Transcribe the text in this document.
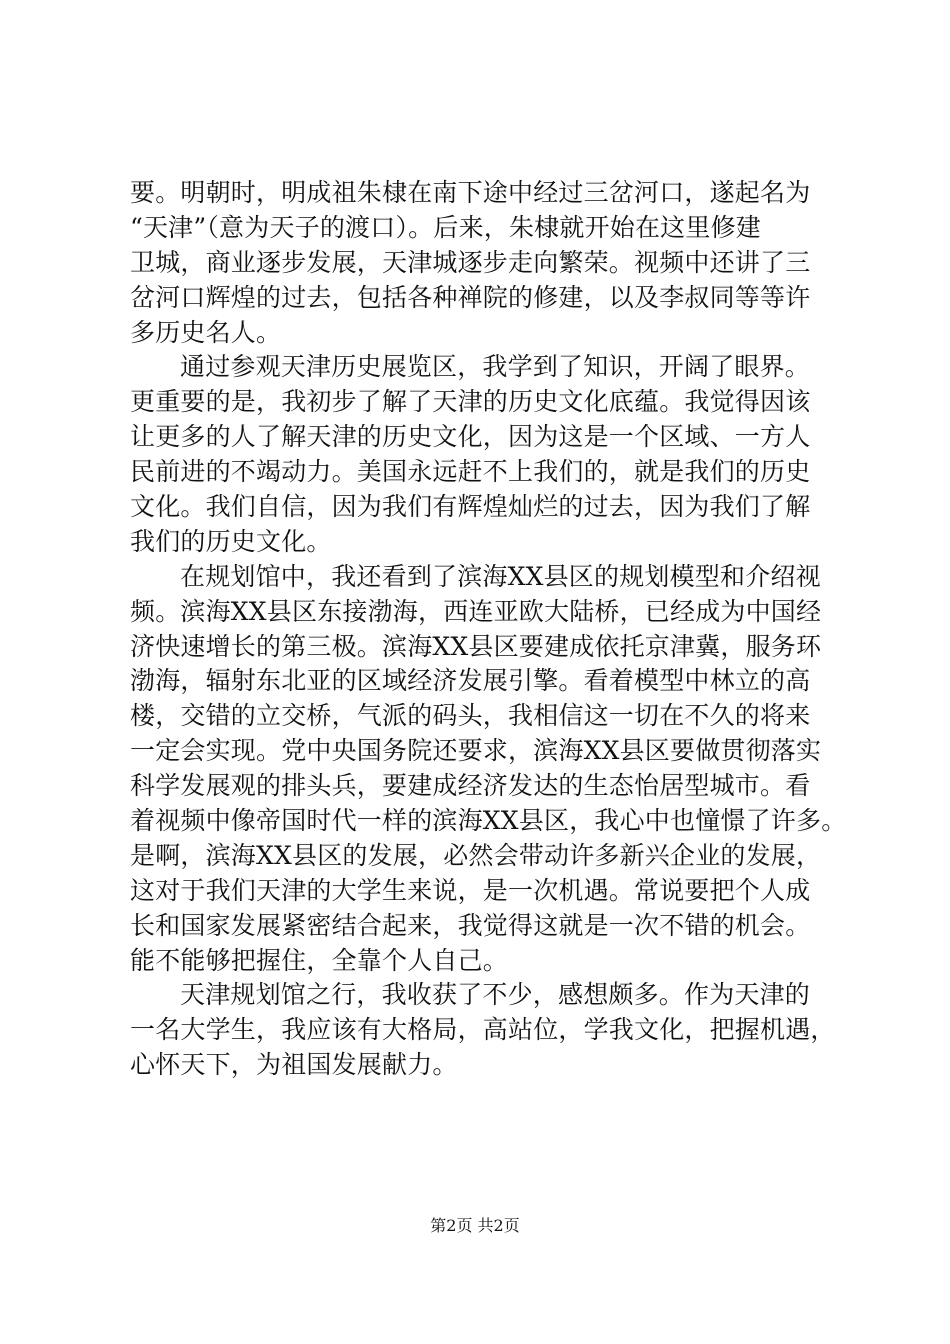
要。明朝时，明成祖朱棣在南下途中经过三岔河口，遂起名为
“天津”（意为天子的渡口）。后来，朱棣就开始在这里修建
卫城，商业逐步发展，天津城逐步走向繁荣。视频中还讲了三
岔河口辉煌的过去，包括各种禅院的修建，以及李叔同等等许
多历史名人。
通过参观天津历史展览区，我学到了知识，开阔了眼界。
更重要的是，我初步了解了天津的历史文化底蕴。我觉得因该
让更多的人了解天津的历史文化，因为这是一个区域、一方人
民前进的不竭动力。美国永远赶不上我们的，就是我们的历史
文化。我们自信，因为我们有辉煌灿烂的过去，因为我们了解
我们的历史文化。
在规划馆中，我还看到了滨海XX县区的规划模型和介绍视
频。滨海XX县区东接渤海，西连亚欧大陆桥，已经成为中国经
济快速增长的第三极。滨海XX县区要建成依托京津冀，服务环
渤海，辐射东北亚的区域经济发展引擎。看着模型中林立的高
楼，交错的立交桥，气派的码头，我相信这一切在不久的将来
一定会实现。党中央国务院还要求，滨海XX县区要做贯彻落实
科学发展观的排头兵，要建成经济发达的生态怡居型城市。看
着视频中像帝国时代一样的滨海XX县区，我心中也憧憬了许多。
是啊，滨海XX县区的发展，必然会带动许多新兴企业的发展，
这对于我们天津的大学生来说，是一次机遇。常说要把个人成
长和国家发展紧密结合起来，我觉得这就是一次不错的机会。
能不能够把握住，全靠个人自己。
天津规划馆之行，我收获了不少，感想颇多。作为天津的
一名大学生，我应该有大格局，高站位，学我文化，把握机遇，
心怀天下，为祖国发展献力。
第2页 共2页
